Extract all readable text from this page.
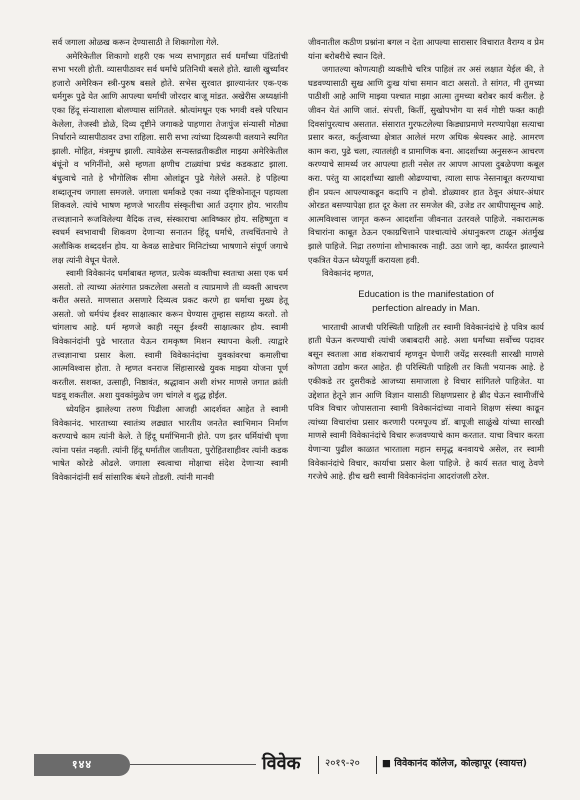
सर्व जगाला ओळख करून देण्यासाठी ते शिकागोला गेले.

अमेरिकेतील शिकागो शहरी एक भव्य सभागृहात सर्व धर्मांच्या पंडितांची सभा भरली होती. व्यासपीठावर सर्व धर्मांचे प्रतिनिधी बसले होते. खाली खुर्च्यांवर हजारो अमेरिकन स्त्री-पुरुष बसले होते. सभेस सुरवात झाल्यानंतर एक-एक धर्मगुरू पुढे येत आणि आपल्या धर्माची जोरदार बाजू मांडत. अखेरीस अध्यक्षांनी एका हिंदू संन्याशाला बोलण्यास सांगितले. श्रोत्यांमधून एक भगवी वस्त्रे परिधान केलेला, तेजस्वी डोळे, दिव्य दृष्टीने जगाकडे पाहणारा तेजःपुंज संन्यासी मोठ्या निर्धाराने व्यासपीठावर उभा राहिला. सारी सभा त्यांच्या दिव्यरूपी वलयाने स्थगित झाली. मोहित, मंत्रमुग्ध झाली. त्यावेळेस सन्यस्तव्रतीकडील माझ्या अमेरिकेतील बंधूंनो व भगिनींनो, असे म्हणता क्षणीच टाळ्यांचा प्रचंड कडकडाट झाला. बंधुत्वाचे नाते हे भौगोलिक सीमा ओलांडून पुढे गेलेले असते. हे पहिल्या शब्दातूनच जगाला समजले. जगाला धर्माकडे एका नव्या दृष्टिकोनातून पहायला शिकवले. त्यांचे भाषण म्हणजे भारतीय संस्कृतीचा आर्त उद्‌गार होय. भारतीय तत्त्वज्ञानाने रूजविलेल्या वैदिक तत्त्व, संस्काराचा आविष्कार होय. सहिष्णुता व स्वधर्म स्वभावाची शिकवण देणाऱ्या सनातन हिंदू धर्माचे, तत्त्वचिंतनाचे ते अलौकिक शब्ददर्शन होय. या केवळ साडेचार मिनिटांच्या भाषणाने संपूर्ण जगाचे लक्ष त्यांनी वेधून घेतले.

स्वामी विवेकानंद धर्माबाबत म्हणत, प्रत्येक व्यक्तीचा स्वतःचा असा एक धर्म असतो. तो त्याच्या अंतरंगात प्रकटलेला असतो व त्याप्रमाणे ती व्यक्ती आचरण करीत असते. माणसात असणारे दिव्यत्व प्रकट करणे हा धर्माचा मुख्य हेतू असतो. जो धर्मपंथ ईश्वर साक्षात्कार करून घेण्यास तुम्हास सहाय्य करतो. तो चांगलाच आहे. धर्म म्हणजे काही नसून ईश्वरी साक्षात्कार होय. स्वामी विवेकानंदांनी पुढे भारतात येऊन रामकृष्ण मिशन स्थापना केली. त्याद्वारे तत्त्वज्ञानाचा प्रसार केला. स्वामी विवेकानंदांचा युवकांवरचा कमालीचा आत्मविश्वास होता. ते म्हणत वनराज सिंहासारखे युवक माझ्या योजना पूर्ण करतील. सशक्त, उत्साही, निष्ठावंत, श्रद्धावान अशी शंभर माणसे जगात क्रांती घडवू शकतील. अशा युवकांमुळेच जग चांगले व शुद्ध होईल.

ध्येयहिन झालेल्या तरुण पिढीला आजही आदर्शवत आहेत ते स्वामी विवेकानंद. भारताच्या स्वातंत्र्य लढ्यात भारतीय जनतेत स्वाभिमान निर्माण करण्याचे काम त्यांनी केले. ते हिंदू धर्माभिमानी होते. पण इतर धर्मियांची घृणा त्यांना पसंत नव्हती. त्यांनी हिंदू धर्मातील जातीयता, पुरोहितशाहीवर त्यांनी कडक भाषेत कोरडे ओढले. जगाला स्वत्वाचा मोक्षाचा संदेश देणाऱ्या स्वामी विवेकानंदांनी सर्व सांसारिक बंधने तोडली. त्यांनी मानवी

जीवनातील कठीण प्रश्नांना बगल न देता आपल्या सारासार विचारात वैराग्य व प्रेम यांना बरोबरीचे स्थान दिले.

जगातल्या कोणत्याही व्यक्तीचे चरित्र पाहिलं तर असं लक्षात येईल की, ते घडवण्यासाठी सुख आणि दुःख यांचा समान वाटा असतो. ते सांगत, मी तुमच्या पाठीशी आहे आणि माझ्या पश्चात माझा आत्मा तुमच्या बरोबर कार्य करील. हे जीवन येतं आणि जातं. संपत्ती, किर्ती, सुखोपभोग या सर्व गोष्टी फक्त काही दिवसांपुरत्याच असतात. संसारात गुरफटलेल्या किड्याप्रमाणे मरण्यापेक्षा सत्याचा प्रसार करत, कर्तुत्वाच्या क्षेत्रात आलेलं मरण अधिक श्रेयस्कर आहे. आमरण काम करा, पुढे चला, त्यातलंही व प्रामाणिक बना. आदर्शांच्या अनुसरून आचरण करण्याचे सामर्थ्य जर आपल्या हाती नसेल तर आपण आपला दुबळेपणा कबूल करा. परंतु या आदर्शांच्या खाली ओढण्याचा, त्याला साफ नेस्तनाबूत करण्याचा हीन प्रयत्न आपल्याकडून कदापि न होवो. डोळ्यावर हात ठेवून अंधार-अंधार ओरडत बसण्यापेक्षा हात दूर केला तर समजेल की, उजेड तर आधीपासूनच आहे. आत्मविश्वास जागृत करून आदर्शांना जीवनात उतरवले पाहिजे. नकारात्मक विचारांना काबूत ठेऊन एकाग्रचित्ताने पाश्चात्यांचे अंधानुकरण टाळून अंतर्मुख झाले पाहिजे. निद्रा तरुणांना शोभाकारक नाही. उठा जागे व्हा, कार्यरत झाल्याने एकत्रित येऊन ध्येयपूर्ती करायला हवी.

विवेकानंद म्हणत,

Education is the manifestation of
perfection already in Man.

भारताची आजची परिस्थिती पाहिली तर स्वामी विवेकानंदांचे हे पवित्र कार्य हाती घेऊन करण्याची त्यांची जबाबदारी आहे. अशा धर्मांच्या सर्वोच्च पदावर बसून स्वतःला आद्य शंकराचार्य म्हणवून घेणारी जयेंद्र सरस्वती सारखी माणसे कोणता उद्योग करत आहेत. ही परिस्थिती पाहिली तर किती भयानक आहे. हे एकीकडे तर दुसरीकडे आजच्या समाजाला हे विचार सांगितले पाहिजेत. या उद्देशात हेतूने ज्ञान आणि विज्ञान यासाठी शिक्षणप्रसार हे ब्रीद घेऊन स्वामीजींचे पवित्र विचार जोपासताना स्वामी विवेकानंदांच्या नावाने शिक्षण संस्था काढून त्यांच्या विचारांचा प्रसार करणारी परमपूज्य डॉ. बापूजी साळुंखे यांच्या सारखी माणसे स्वामी विवेकानंदांचे विचार रूजवण्याचे काम करतात. याचा विचार करता येणाऱ्या पुढील काळात भारताला महान समृद्ध बनवायचे असेल, तर स्वामी विवेकानंदांचे विचार, कार्याचा प्रसार केला पाहिजे. हे कार्य सतत चालू ठेवणे गरजेचे आहे. हीच खरी स्वामी विवेकानंदांना आदरांजली ठरेल.

१४४	विवेक २०१९-२० ■ विवेकानंद कॉलेज, कोल्हापूर (स्वायत्त)
